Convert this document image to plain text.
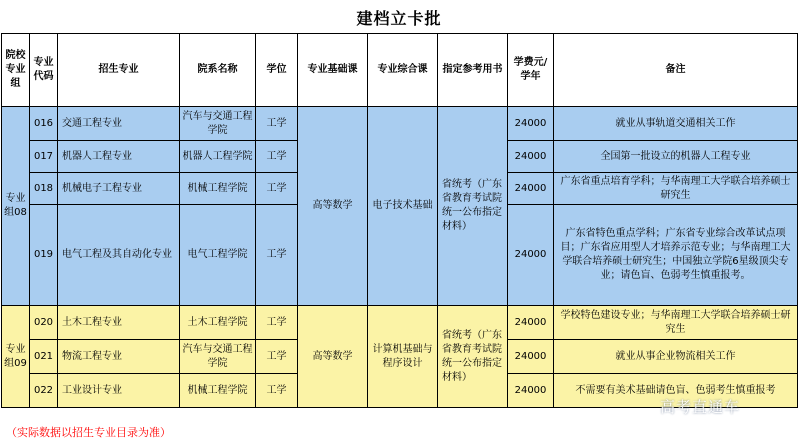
建档立卡批
院校专业组	专业代码	招生专业	院系名称	学位	专业基础课	专业综合课	指定参考用书	学费元/学年	备注
专业组08	016	交通工程专业	汽车与交通工程学院	工学	高等数学	电子技术基础	省统考（广东省教育考试院统一公布指定材料）	24000	就业从事轨道交通相关工作
	017	机器人工程专业	机器人工程学院	工学				24000	全国第一批设立的机器人工程专业
	018	机械电子工程专业	机械工程学院	工学				24000	广东省重点培育学科；与华南理工大学联合培养硕士研究生
	019	电气工程及其自动化专业	电气工程学院	工学				24000	广东省特色重点学科；广东省专业综合改革试点项目；广东省应用型人才培养示范专业；与华南理工大学联合培养硕士研究生；中国独立学院6星级顶尖专业；请色盲、色弱考生慎重报考。
专业组09	020	土木工程专业	土木工程学院	工学	高等数学	计算机基础与程序设计	省统考（广东省教育考试院统一公布指定材料）	24000	学校特色建设专业；与华南理工大学联合培养硕士研究生
	021	物流工程专业	汽车与交通工程学院	工学				24000	就业从事企业物流相关工作
	022	工业设计专业	机械工程学院	工学				24000	不需要有美术基础请色盲、色弱考生慎重报考
（实际数据以招生专业目录为准）
高考直通车
